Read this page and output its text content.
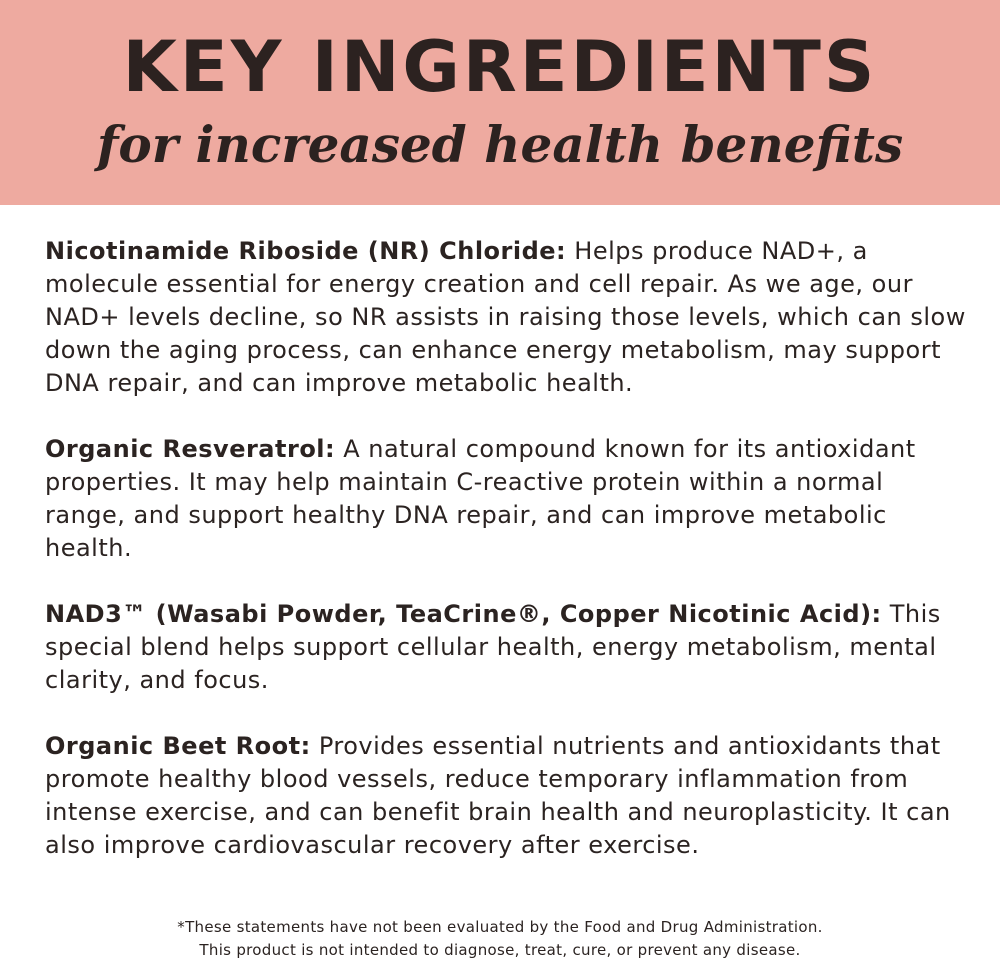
KEY INGREDIENTS
for increased health benefits

Nicotinamide Riboside (NR) Chloride: Helps produce NAD+, a molecule essential for energy creation and cell repair. As we age, our NAD+ levels decline, so NR assists in raising those levels, which can slow down the aging process, can enhance energy metabolism, may support DNA repair, and can improve metabolic health.

Organic Resveratrol: A natural compound known for its antioxidant properties. It may help maintain C-reactive protein within a normal range, and support healthy DNA repair, and can improve metabolic health.

NAD3™ (Wasabi Powder, TeaCrine®, Copper Nicotinic Acid): This special blend helps support cellular health, energy metabolism, mental clarity, and focus.

Organic Beet Root: Provides essential nutrients and antioxidants that promote healthy blood vessels, reduce temporary inflammation from intense exercise, and can benefit brain health and neuroplasticity. It can also improve cardiovascular recovery after exercise.

*These statements have not been evaluated by the Food and Drug Administration.
This product is not intended to diagnose, treat, cure, or prevent any disease.
